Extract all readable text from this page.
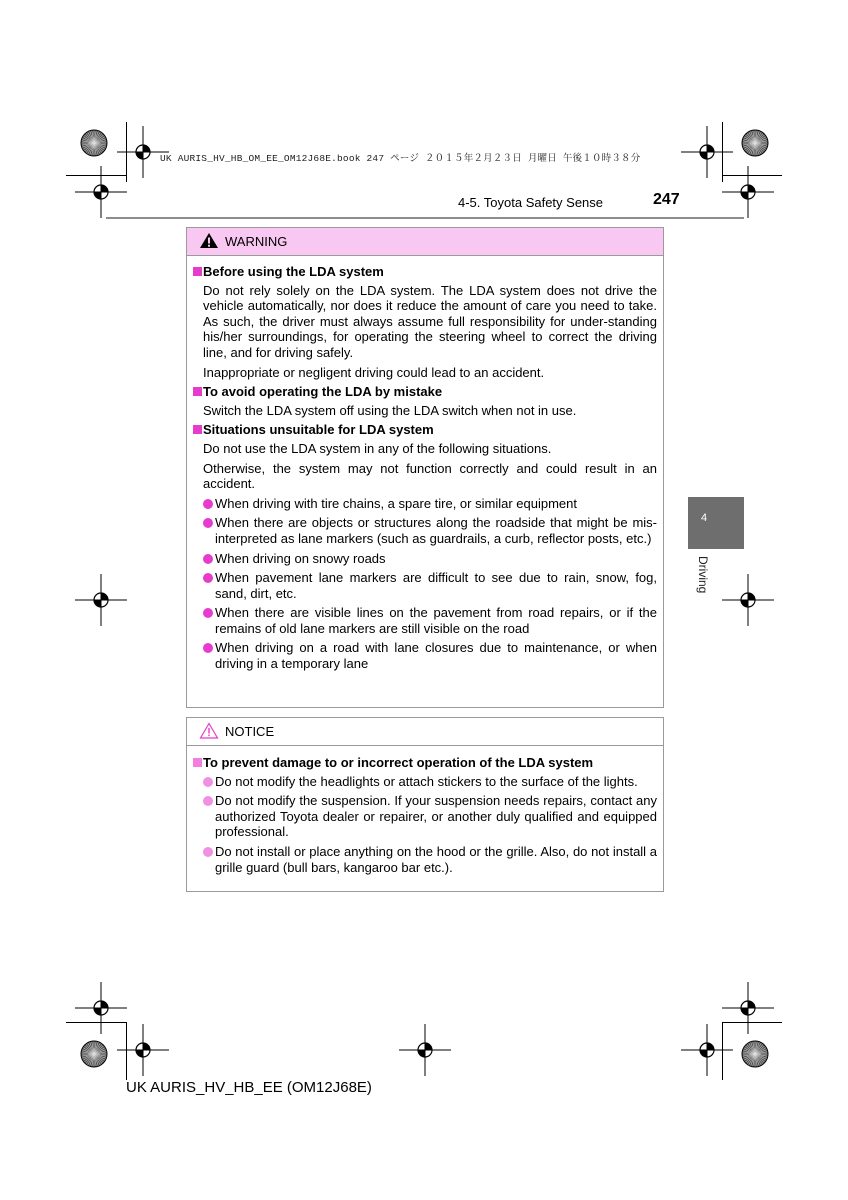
UK AURIS_HV_HB_OM_EE_OM12J68E.book 247 ページ ２０１５年２月２３日 月曜日 午後１０時３８分
4-5. Toyota Safety Sense	247
4
Driving
WARNING
Before using the LDA system
Do not rely solely on the LDA system. The LDA system does not drive the vehicle automatically, nor does it reduce the amount of care you need to take. As such, the driver must always assume full responsibility for under-standing his/her surroundings, for operating the steering wheel to correct the driving line, and for driving safely.
Inappropriate or negligent driving could lead to an accident.
To avoid operating the LDA by mistake
Switch the LDA system off using the LDA switch when not in use.
Situations unsuitable for LDA system
Do not use the LDA system in any of the following situations.
Otherwise, the system may not function correctly and could result in an accident.
When driving with tire chains, a spare tire, or similar equipment
When there are objects or structures along the roadside that might be mis-interpreted as lane markers (such as guardrails, a curb, reflector posts, etc.)
When driving on snowy roads
When pavement lane markers are difficult to see due to rain, snow, fog, sand, dirt, etc.
When there are visible lines on the pavement from road repairs, or if the remains of old lane markers are still visible on the road
When driving on a road with lane closures due to maintenance, or when driving in a temporary lane
NOTICE
To prevent damage to or incorrect operation of the LDA system
Do not modify the headlights or attach stickers to the surface of the lights.
Do not modify the suspension. If your suspension needs repairs, contact any authorized Toyota dealer or repairer, or another duly qualified and equipped professional.
Do not install or place anything on the hood or the grille. Also, do not install a grille guard (bull bars, kangaroo bar etc.).
UK AURIS_HV_HB_EE (OM12J68E)
